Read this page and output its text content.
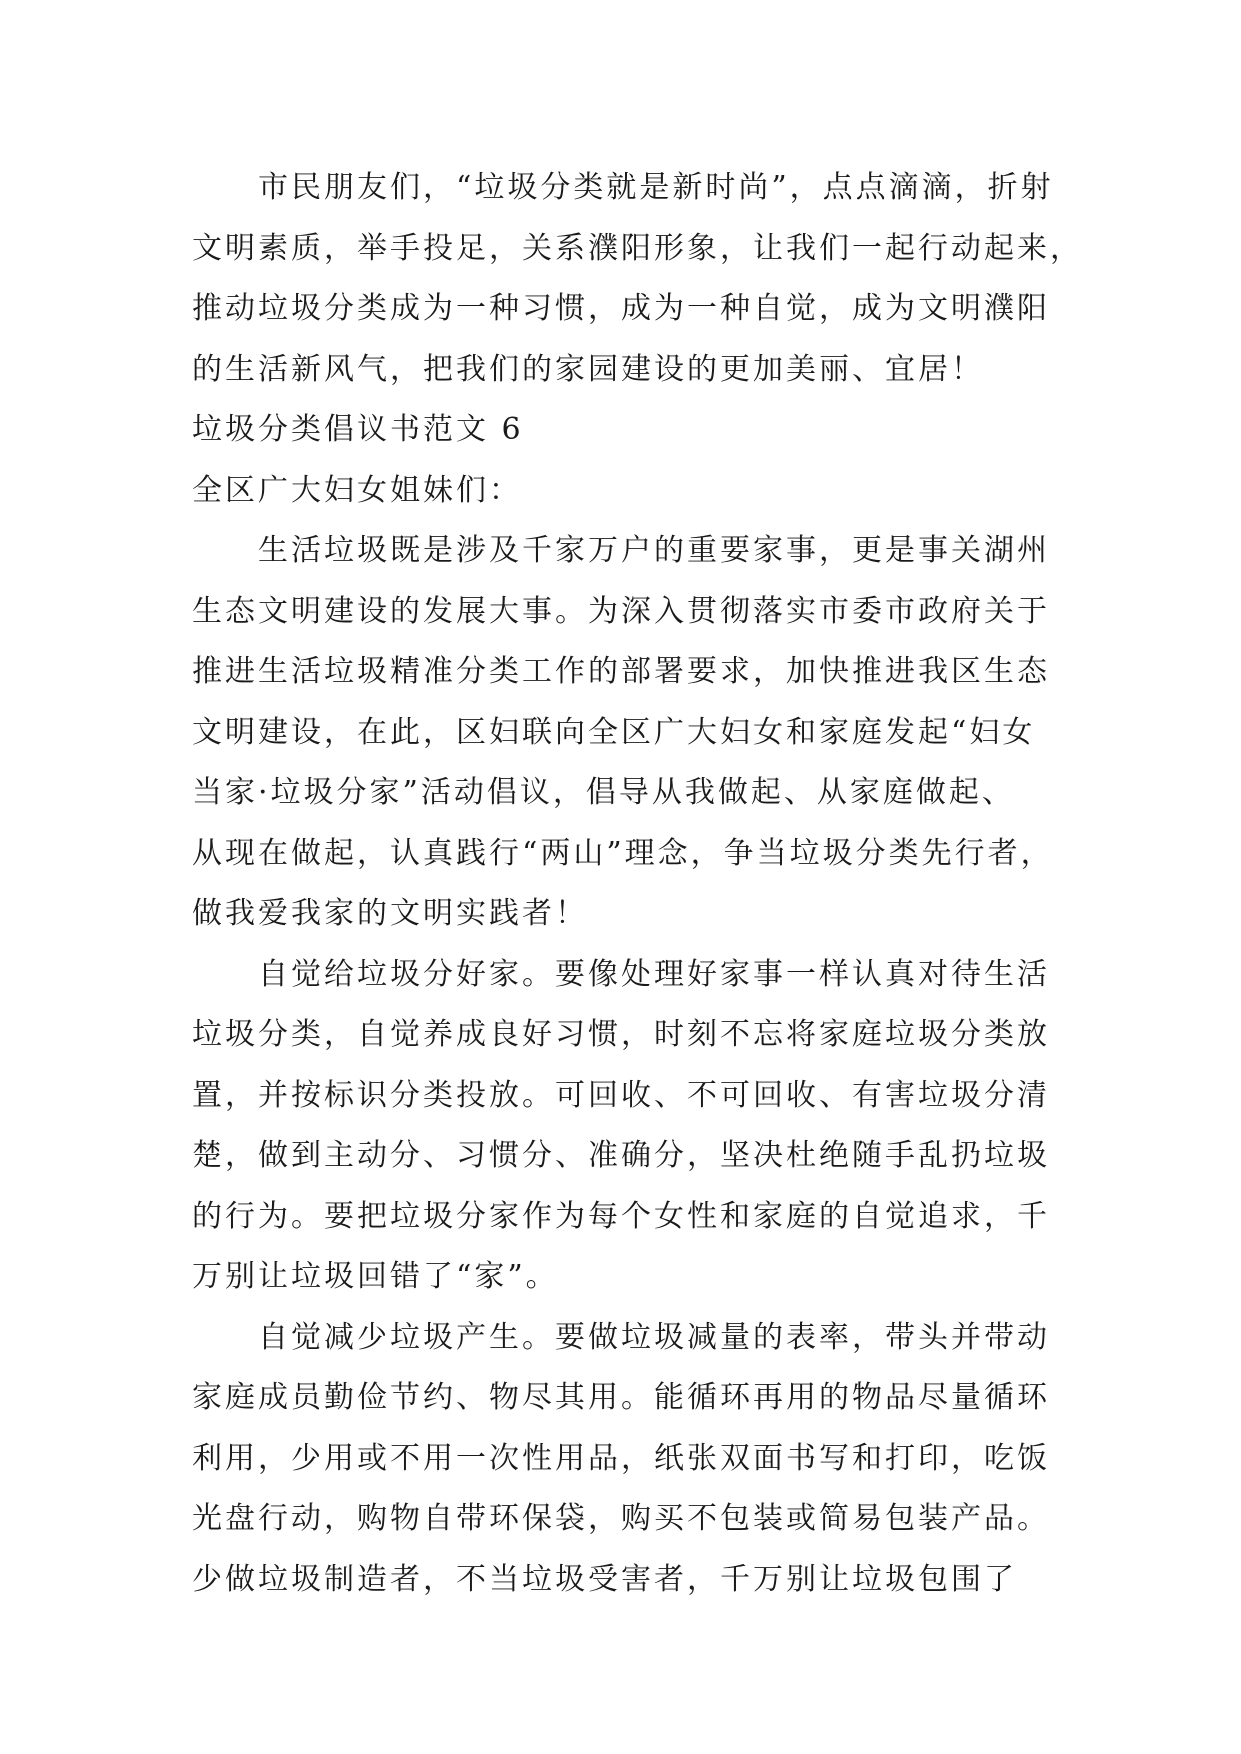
市民朋友们，“垃圾分类就是新时尚”，点点滴滴，折射
文明素质，举手投足，关系濮阳形象，让我们一起行动起来，
推动垃圾分类成为一种习惯，成为一种自觉，成为文明濮阳
的生活新风气，把我们的家园建设的更加美丽、宜居！
垃圾分类倡议书范文 6
全区广大妇女姐妹们：
生活垃圾既是涉及千家万户的重要家事，更是事关湖州
生态文明建设的发展大事。为深入贯彻落实市委市政府关于
推进生活垃圾精准分类工作的部署要求，加快推进我区生态
文明建设，在此，区妇联向全区广大妇女和家庭发起“妇女
当家·垃圾分家”活动倡议，倡导从我做起、从家庭做起、
从现在做起，认真践行“两山”理念，争当垃圾分类先行者，
做我爱我家的文明实践者！
自觉给垃圾分好家。要像处理好家事一样认真对待生活
垃圾分类，自觉养成良好习惯，时刻不忘将家庭垃圾分类放
置，并按标识分类投放。可回收、不可回收、有害垃圾分清
楚，做到主动分、习惯分、准确分，坚决杜绝随手乱扔垃圾
的行为。要把垃圾分家作为每个女性和家庭的自觉追求，千
万别让垃圾回错了“家”。
自觉减少垃圾产生。要做垃圾减量的表率，带头并带动
家庭成员勤俭节约、物尽其用。能循环再用的物品尽量循环
利用，少用或不用一次性用品，纸张双面书写和打印，吃饭
光盘行动，购物自带环保袋，购买不包装或简易包装产品。
少做垃圾制造者，不当垃圾受害者，千万别让垃圾包围了
